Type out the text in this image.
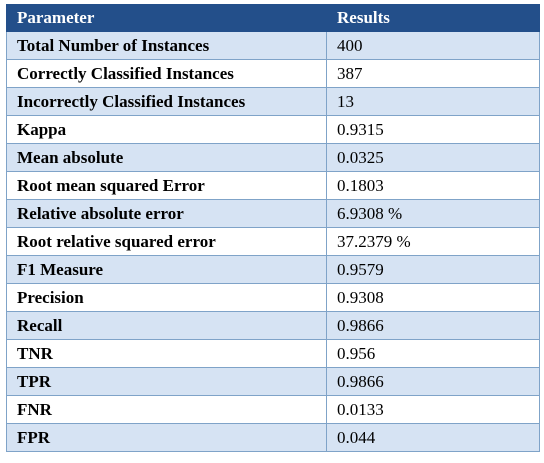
Parameter	Results
Total Number of Instances	400
Correctly Classified Instances	387
Incorrectly Classified Instances	13
Kappa	0.9315
Mean absolute	0.0325
Root mean squared Error	0.1803
Relative absolute error	6.9308 %
Root relative squared error	37.2379 %
F1 Measure	0.9579
Precision	0.9308
Recall	0.9866
TNR	0.956
TPR	0.9866
FNR	0.0133
FPR	0.044
